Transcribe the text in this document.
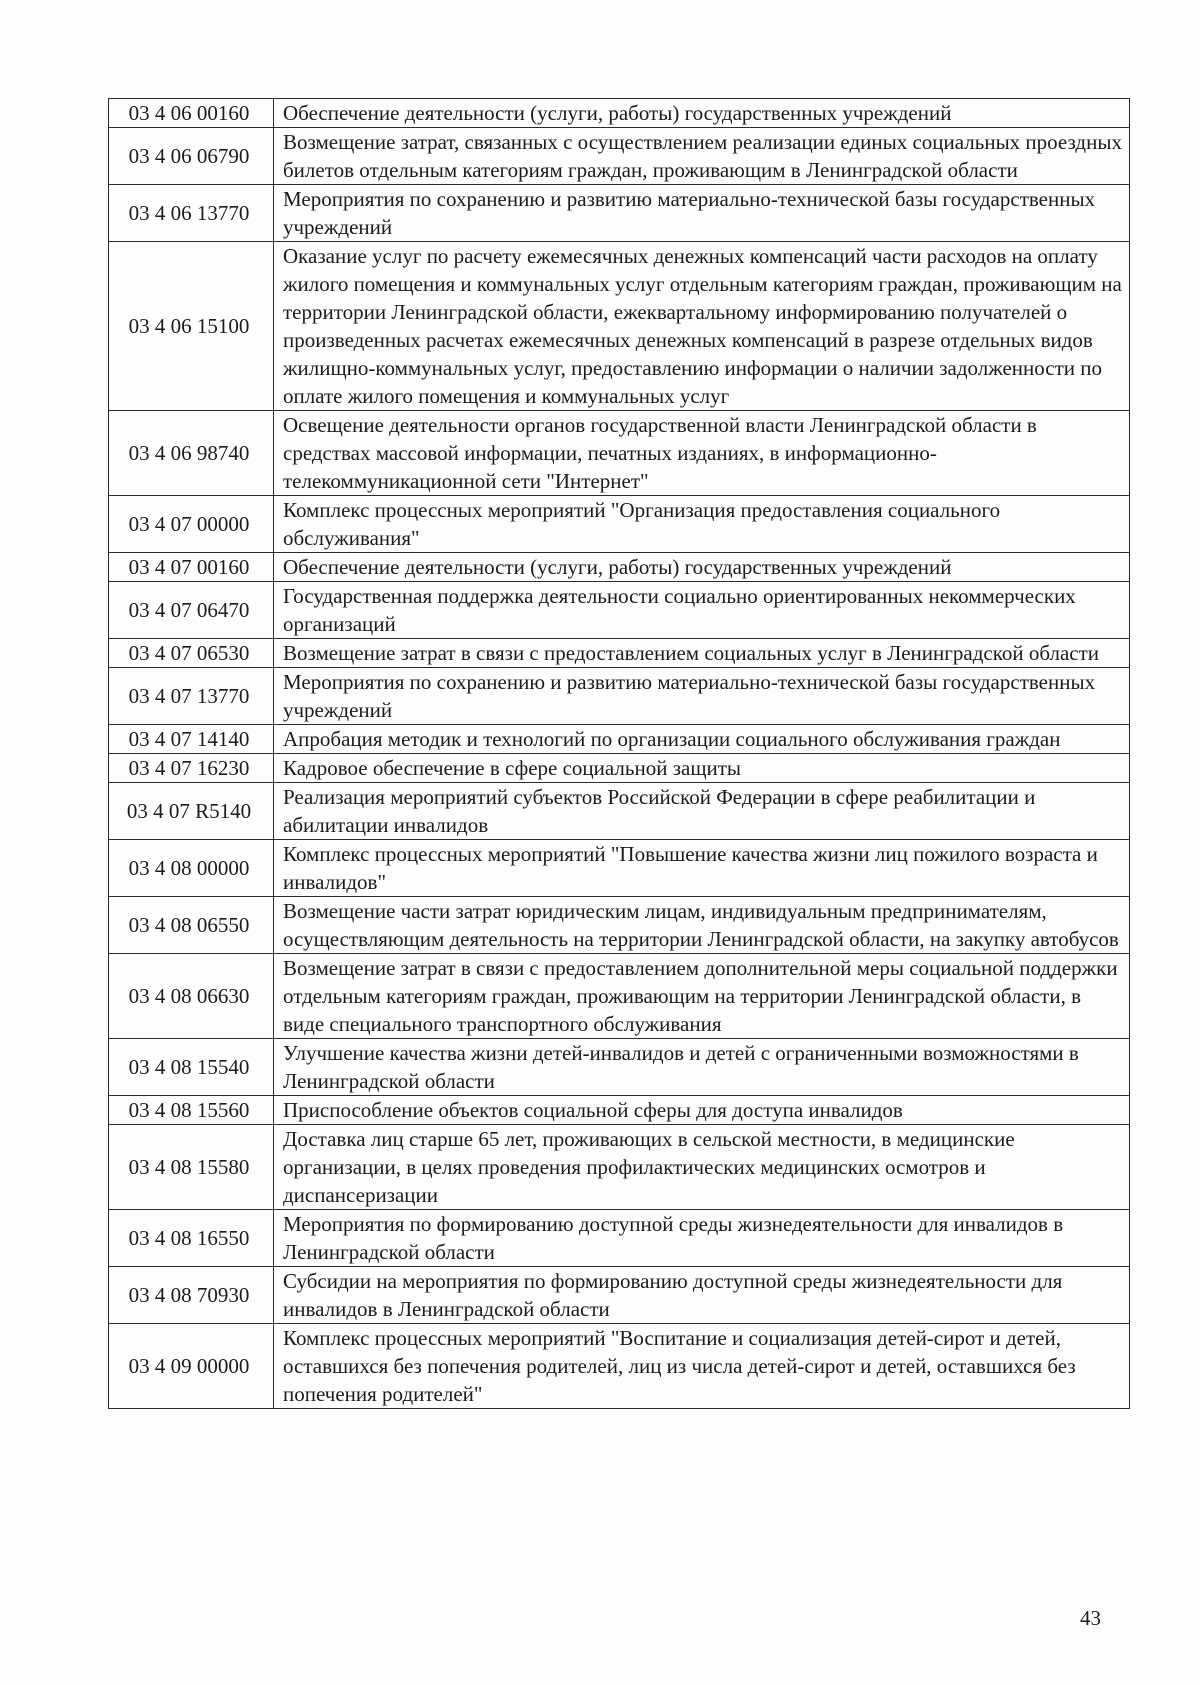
03 4 06 00160	Обеспечение деятельности (услуги, работы) государственных учреждений
03 4 06 06790	Возмещение затрат, связанных с осуществлением реализации единых социальных проездных билетов отдельным категориям граждан, проживающим в Ленинградской области
03 4 06 13770	Мероприятия по сохранению и развитию материально-технической базы государственных учреждений
03 4 06 15100	Оказание услуг по расчету ежемесячных денежных компенсаций части расходов на оплату жилого помещения и коммунальных услуг отдельным категориям граждан, проживающим на территории Ленинградской области, ежеквартальному информированию получателей о произведенных расчетах ежемесячных денежных компенсаций в разрезе отдельных видов жилищно-коммунальных услуг, предоставлению информации о наличии задолженности по оплате жилого помещения и коммунальных услуг
03 4 06 98740	Освещение деятельности органов государственной власти Ленинградской области в средствах массовой информации, печатных изданиях, в информационно-телекоммуникационной сети "Интернет"
03 4 07 00000	Комплекс процессных мероприятий "Организация предоставления социального обслуживания"
03 4 07 00160	Обеспечение деятельности (услуги, работы) государственных учреждений
03 4 07 06470	Государственная поддержка деятельности социально ориентированных некоммерческих организаций
03 4 07 06530	Возмещение затрат в связи с предоставлением социальных услуг в Ленинградской области
03 4 07 13770	Мероприятия по сохранению и развитию материально-технической базы государственных учреждений
03 4 07 14140	Апробация методик и технологий по организации социального обслуживания граждан
03 4 07 16230	Кадровое обеспечение в сфере социальной защиты
03 4 07 R5140	Реализация мероприятий субъектов Российской Федерации в сфере реабилитации и абилитации инвалидов
03 4 08 00000	Комплекс процессных мероприятий "Повышение качества жизни лиц пожилого возраста и инвалидов"
03 4 08 06550	Возмещение части затрат юридическим лицам, индивидуальным предпринимателям, осуществляющим деятельность на территории Ленинградской области, на закупку автобусов
03 4 08 06630	Возмещение затрат в связи с предоставлением дополнительной меры социальной поддержки отдельным категориям граждан, проживающим на территории Ленинградской области, в виде специального транспортного обслуживания
03 4 08 15540	Улучшение качества жизни детей-инвалидов и детей с ограниченными возможностями в Ленинградской области
03 4 08 15560	Приспособление объектов социальной сферы для доступа инвалидов
03 4 08 15580	Доставка лиц старше 65 лет, проживающих в сельской местности, в медицинские организации, в целях проведения профилактических медицинских осмотров и диспансеризации
03 4 08 16550	Мероприятия по формированию доступной среды жизнедеятельности для инвалидов в Ленинградской области
03 4 08 70930	Субсидии на мероприятия по формированию доступной среды жизнедеятельности для инвалидов в Ленинградской области
03 4 09 00000	Комплекс процессных мероприятий "Воспитание и социализация детей-сирот и детей, оставшихся без попечения родителей, лиц из числа детей-сирот и детей, оставшихся без попечения родителей"
43
